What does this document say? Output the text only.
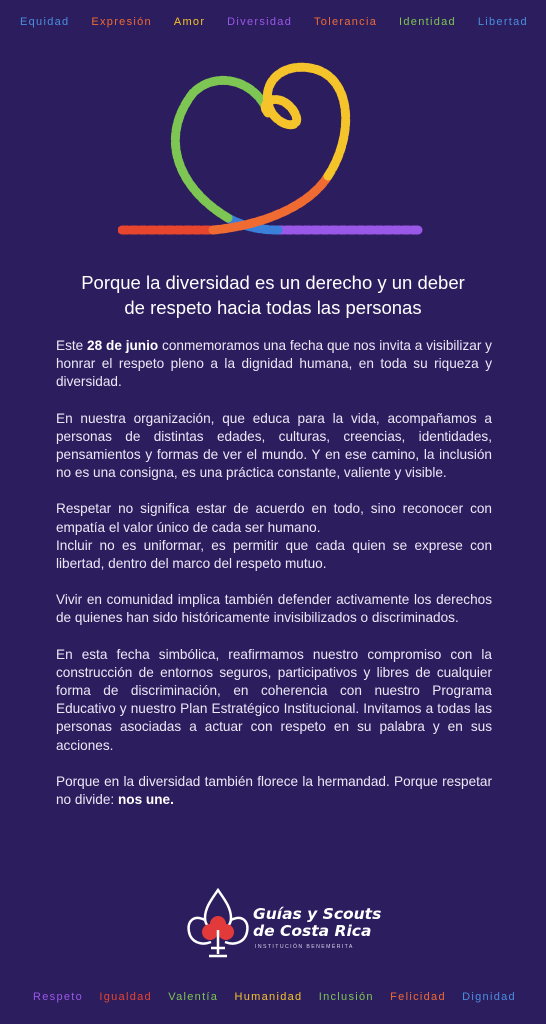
Equidad Expresión Amor Diversidad Tolerancia Identidad Libertad
Porque la diversidad es un derecho y un deber
de respeto hacia todas las personas

Este 28 de junio conmemoramos una fecha que nos invita a visibilizar y honrar el respeto pleno a la dignidad humana, en toda su riqueza y diversidad.

En nuestra organización, que educa para la vida, acompañamos a personas de distintas edades, culturas, creencias, identidades, pensamientos y formas de ver el mundo. Y en ese camino, la inclusión no es una consigna, es una práctica constante, valiente y visible.

Respetar no significa estar de acuerdo en todo, sino reconocer con empatía el valor único de cada ser humano.
Incluir no es uniformar, es permitir que cada quien se exprese con libertad, dentro del marco del respeto mutuo.

Vivir en comunidad implica también defender activamente los derechos de quienes han sido históricamente invisibilizados o discriminados.

En esta fecha simbólica, reafirmamos nuestro compromiso con la construcción de entornos seguros, participativos y libres de cualquier forma de discriminación, en coherencia con nuestro Programa Educativo y nuestro Plan Estratégico Institucional. Invitamos a todas las personas asociadas a actuar con respeto en su palabra y en sus acciones.

Porque en la diversidad también florece la hermandad. Porque respetar no divide: nos une.

Guías y Scouts
de Costa Rica
INSTITUCIÓN BENEMÉRITA
Respeto Igualdad Valentía Humanidad Inclusión Felicidad Dignidad
